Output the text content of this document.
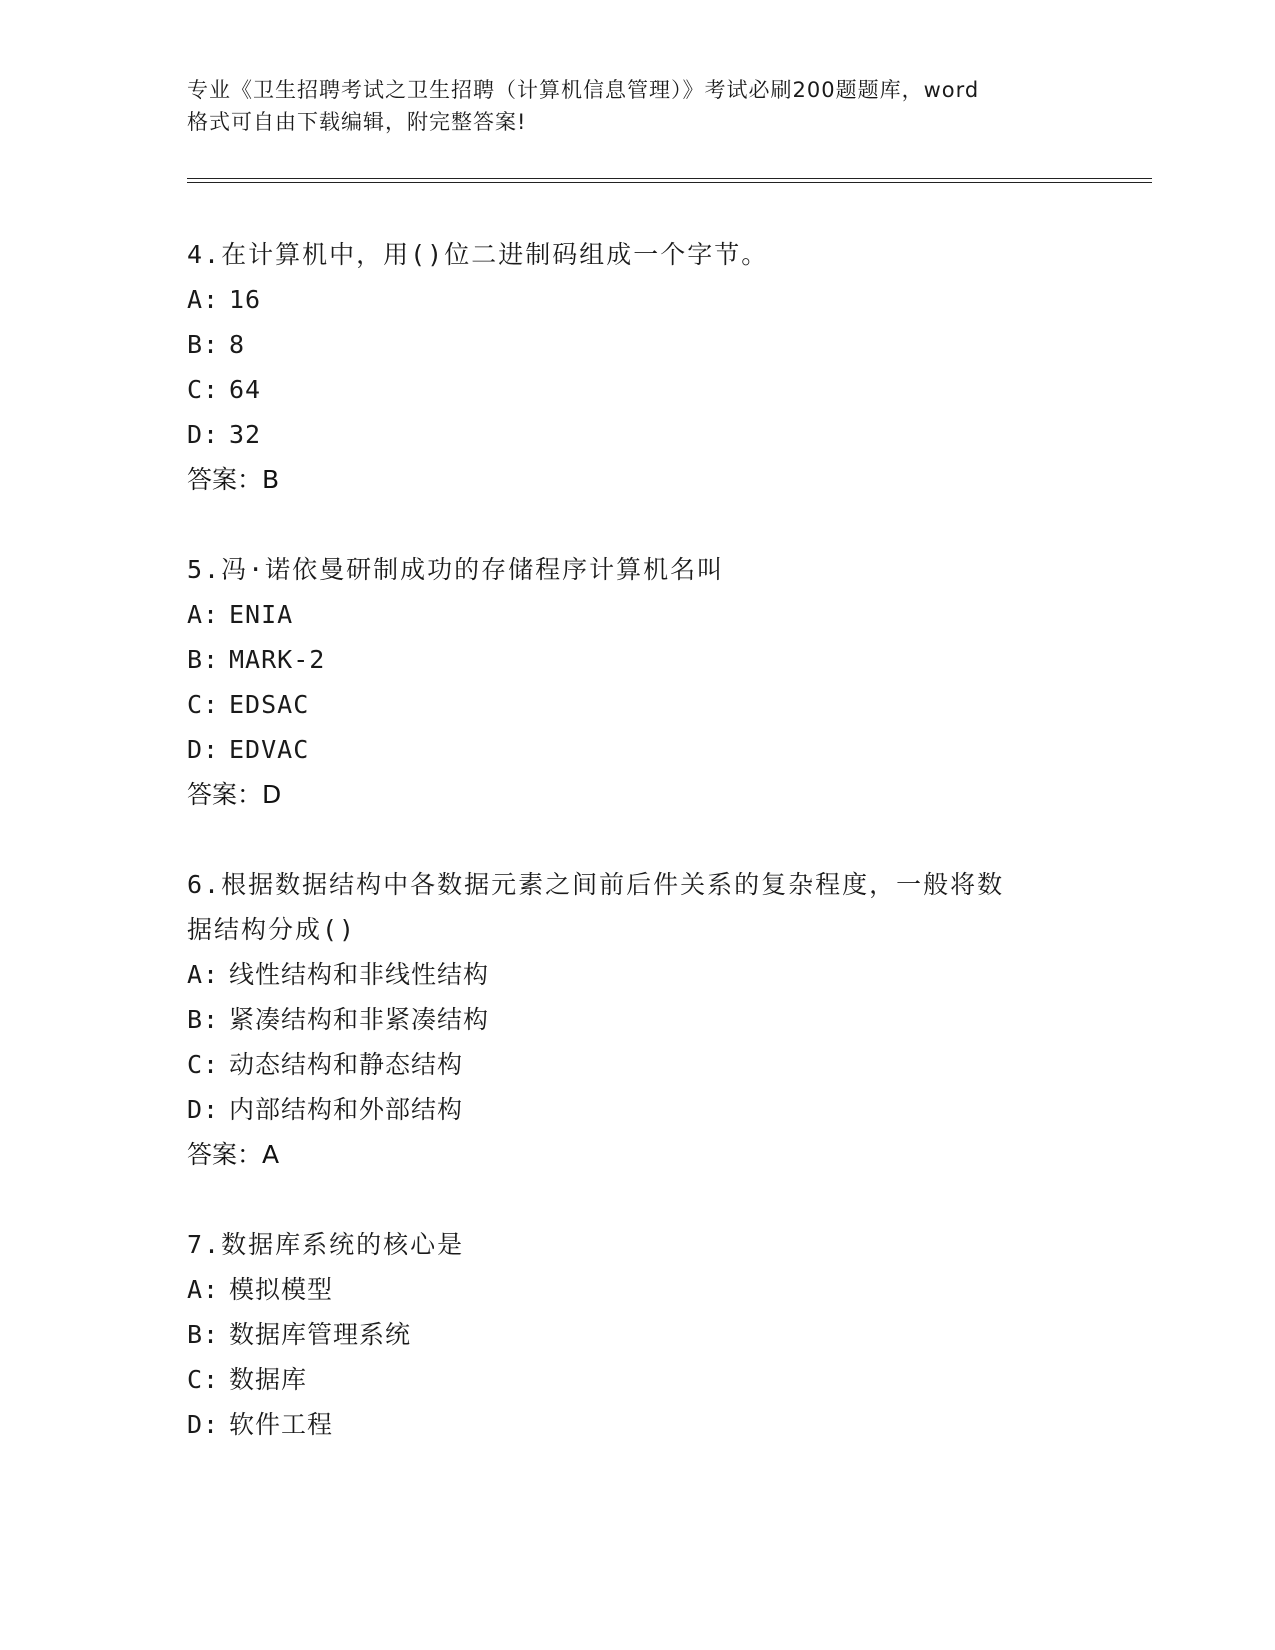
专业《卫生招聘考试之卫生招聘（计算机信息管理）》考试必刷200题题库，word
格式可自由下载编辑，附完整答案!

4.在计算机中，用()位二进制码组成一个字节。

A: 16

B: 8

C: 64

D: 32

答案：B

5.冯·诺依曼研制成功的存储程序计算机名叫

A: ENIA

B: MARK-2

C: EDSAC

D: EDVAC

答案：D

6.根据数据结构中各数据元素之间前后件关系的复杂程度，一般将数

据结构分成()

A: 线性结构和非线性结构

B: 紧凑结构和非紧凑结构

C: 动态结构和静态结构

D: 内部结构和外部结构

答案：A

7.数据库系统的核心是

A: 模拟模型

B: 数据库管理系统

C: 数据库

D: 软件工程
